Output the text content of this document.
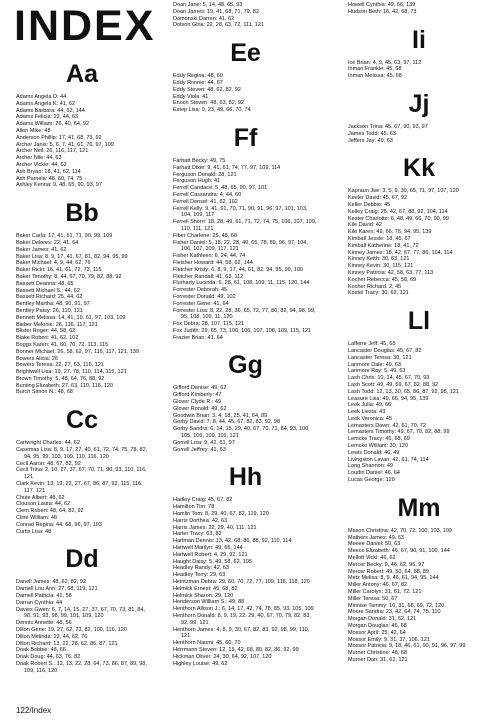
INDEX
Aa
Adams Angela D: 44
Adams Angela K: 41, 62
Adams Barbara: 44, 62, 144
Adams Felicia: 22, 44, 63
Adams William: 26, 40, 64, 92
Allen Mike: 48
Anderson Phillip: 17, 41, 68, 73, 92
Archer Janis: 5, 6, 7, 41, 61, 76, 97, 109
Archer Neil: 26, 116, 117, 121
Archer Nile: 44, 63
Archer Vickie: 44, 62
Ash Bryan: 18, 41, 62, 114
Ash Pamela: 48, 60, 74, 75
Ashley Kenna: 9, 48, 65, 90, 93, 97
Bb
Baker Carla: 17, 41, 61, 71, 90, 99, 109
Baker Delores: 22, 41, 64
Baker James: 41, 62
Baker Lisa: 8, 9, 17, 41, 67, 81, 82, 94, 95, 99
Baker Michael: 4, 9, 44, 62, 76
Baker Ricki: 16, 41, 61, 72, 73, 115
Baker Timothy: 8, 44, 67, 70, 79, 82, 88, 92
Bassett Deanna: 48, 65
Bassett Michael S.: 44, 62
Bassett Richard: 25, 44, 62
Bentley Martha: 48, 90, 91, 97
Bentley Patsy: 26, 110, 121
Bennett Melissa: 14, 41, 19, 61, 97, 103, 109
Bieber Melonie: 26, 116, 117, 121
Blister Roger: 44, 58, 62
Blake Robert: 41, 62, 102
Boggs Karen: 41, 60, 70, 72, 113, 115
Bonner Michael: 26, 58, 62, 97, 116, 117, 121, 139
Bowers Alicia: 26
Bowers Teresa: 22, 27, 63, 116, 121
Brightwell Lisa: 19, 27, 78, 110, 114, 115, 121
Brown Timothy: 5, 48, 64, 76, 88, 92
Bunting Elizabeth: 27, 63, 110, 116, 120
Burch Simon N.: 48, 68
Cc
Cartwright Charles: 44, 62
Casemas Lisa: 8, 9, 17, 27, 40, 61, 72, 74, 75, 78, 82, 94, 95, 99, 103, 109, 110, 116, 120
Cecil Aaron: 48, 67, 82, 92
Cecil Trina: 2, 10, 27, 37, 67, 70, 71, 90, 93, 110, 116, 121
Clark Kevin: 13, 19, 22, 27, 67, 86, 87, 92, 115, 116, 117, 121
Chute Albert: 48, 62
Clouson Laura: 44, 62
Clem Robert: 48, 64, 82, 92
Cline William: 48
Conrad Regina: 44, 68, 96, 97, 103
Curtis Lisa: 48
Dd
Danell James: 48, 62, 82, 92
Darnell Lou Ann: 27, 68, 119, 121
Darnell Patricia: 41, 58
Darran Cynthia: 44
Davies Gwen: 6, 7, 14, 15, 27, 37, 67, 70, 73, 81, 84, 90, 91, 93, 98, 99, 101, 109, 120
Dennis Annette: 48, 56
Dillon Gene: 19, 27, 62, 73, 82, 100, 116, 120
Dillon Melinda: 22, 44, 62, 76
Dillon Richard: 13, 22, 28, 62, 86, 87, 121
Doak Bobbie: 48, 66
Doak Doug: 44, 63, 76, 82
Doak Robert S.: 12, 13, 22, 28, 64, 73, 86, 87, 89, 98, 109, 116, 120
Doan Jane: 5, 14, 48, 65, 93
Doan James: 19, 41, 68, 71, 79, 82
Domonski Darren: 41, 62
Dotson Gina: 22, 28, 63, 72, 111, 121
Ee
Eddy Regina: 48, 60
Eddy Ronnie: 44, 67
Eddy Steven: 48, 62, 82, 92
Eddy Viola: 41
Enoch Steven: 48, 63, 82, 92
Estep Lisa: 9, 23, 49, 66, 70, 74
Ff
Farhatt Becky: 49, 75
Farhatt Dixie: 9, 41, 61, 74, 77, 97, 109, 114
Ferguson Donald: 28, 121
Ferguson Hugh: 41
Ferrell Candace: 5, 48, 65, 90, 97, 101
Ferrell Cassandra: 4, 44, 60
Ferrell Densel: 41, 62, 102
Ferrell Kelly: 9, 41, 61, 70, 71, 90, 91, 96, 97, 101, 103, 104, 109, 117
Ferrell Sherri: 18, 28, 49, 61, 71, 72, 74, 75, 106, 107, 109, 110, 111, 121
Fiber Charlene: 25, 48, 60
Fisher Daniel: 5, 18, 22, 28, 40, 65, 78, 89, 96, 97, 104, 106, 107, 109, 117, 121
Fisher Kathleen: 6, 24, 44, 74
Fleisher Howard: 44, 58, 62, 144
Fletcher Kristy: 6, 8, 9, 17, 44, 61, 82, 94, 95, 99, 100
Fletcher Randall: 41, 63, 112
Flurharty Lucinda: 6, 28, 61, 108, 109, 11, 115, 120, 144
Forrester Deborah: 45
Forrester Donald: 49, 102
Forrester Gene: 41, 64
Forrester Lisa: 8, 22, 28, 36, 65, 72, 77, 80, 82, 94, 98, 99, 95, 108, 109, 11, 120
Fox Debra: 28, 107, 115, 121
Fox Judith: 29, 65, 73, 100, 106, 107, 108, 109, 115, 121
Frazier Brian: 41, 64
Gg
Gifford Denise: 49, 62
Gifford Kimberly: 47
Glover Clyde R.: 49
Glover Ronald: 49, 62
Goodwin Brian: 3, 4, 18, 25, 41, 64, 89
Gorby David: 7, 8, 44, 45, 67, 82, 83, 92, 98
Gorby Sandra: 6, 14, 15, 29, 40, 67, 70, 71, 84, 93, 100, 105, 106, 109, 116, 121
Gorrell Lisa: 9, 42, 61, 97
Gorrell Jeffrey: 41, 63
Hh
Hadley Craig: 45, 67, 82
Hamilton Tim: 78
Hamlin Tom: 8, 29, 40, 67, 82, 119, 120
Harris Dorthea: 42, 63
Harris James: 22, 29, 40, 111, 121
Harter Tracy: 63, 82
Hartman Dennis: 13, 42, 68, 86, 88, 92, 110, 114
Hartwell Marilyn: 49, 66, 144
Hartwell Robert: 4, 29, 92, 121
Haught Daisy: 5, 49, 58, 62, 105
Headley Randy: 42, 63
Headley Terry: 29, 63
Heintzman Debra: 29, 60, 70, 72, 77, 109, 116, 118, 120
Helmick Ernest: 45, 68, 82
Helmick Sharon: 29, 120
Henderson William S.: 49, 88
Henthorn Allison J.: 6, 14, 17, 42, 74, 78, 85, 93, 105, 109
Henthorn Donald: 8, 9, 19, 22, 29, 40, 67, 70, 79, 82, 83, 92, 99, 121
Henthorn James: 4, 8, 9, 30, 67, 82, 83, 92, 98, 99, 110, 121
Henthorn Naomi: 45, 60, 70
Herrmann Steven: 12, 13, 42, 68, 80, 82, 86, 92, 99
Hickman Oliver: 24, 30, 64, 92, 107, 120
Highley Louise: 49, 62
Howell Cynthia: 49, 66, 139
Hudson Beth: 16, 42, 68, 73
Ii
Ice Brian: 4, 9, 45, 63, 97, 112
Inman Frankie: 45, 68
Inman Melissa: 45, 68
Jj
Jackson Trina: 45, 67, 90, 93, 97
James Todd: 45, 63
Jeffers Jay: 49, 63
Kk
Kapraun Joe: 3, 5, 9, 30, 65, 71, 97, 107, 120
Keeler David: 45, 67, 92
Keller Debbie: 45
Kelley Craig: 25, 42, 67, 88, 92, 104, 114
Kester Charlotte: 6, 48, 49, 66, 70, 90, 99
Kile David: 42
Kile Karen: 49, 66, 76, 94, 95, 139
Kimball Jessie: 18, 45, 67
Kimball Katherine: 18, 41, 72
Kinney James: 18, 42, 67, 77, 86, 104, 114
Kinney Keith: 30, 63, 121
Kinney Kevin: 30, 115, 121
Kinney Patricia: 42, 58, 63, 77, 113
Kocher Rebecca: 45, 58, 69
Kocher Richard: 2, 45
Kostel Tracy: 30, 62, 121
Ll
Lafferre Jeff: 45, 65
Lancaster Douglas: 45, 67, 82
Lancaster Teresa: 30, 121
Lanmore Dale: 49, 63
Lanmore Roy: 5, 49, 63
Lash Chris: 10, 14, 45, 67, 70, 93
Lash Scott: 49, 49, 59, 67, 82, 88, 92
Lash Todd: 12, 13, 30, 65, 86, 87, 92, 98, 121
Leasure Lisa: 49, 66, 94, 95, 139
Leek Julia: 49, 66
Leek Liesta: 43
Leek Veronica: 45
Lemasters Dawn: 42, 61, 70, 72
Lemasters Timothy: 49, 67, 70, 82, 88, 99
Lemcke Tracy: 45, 68, 69
Lemcke William: 30, 120
Lewis Donald: 46, 49
Livingston Lavan: 42, 61, 74, 114
Long Shannon: 49
Loudin Daniel: 46, 64
Lucas George: 120
Mm
Mason Christina: 42, 70, 72, 100, 103, 109
Mathers James: 49, 63
Meeee Daniel: 50, 63
Meece Elizabeth: 46, 67, 90, 91, 100, 144
Mellott Vicki: 46, 62
Mercer Becky: 9, 46, 62, 96, 97
Mercer Robert: 49, 50, 64, 88, 89
Metz Melisa: 8, 9, 46, 61, 94, 95, 144
Miller Antony: 46, 67, 82
Miller Carolyn: 31, 61, 72, 121
Miller Teresa: 50, 67
Minnise Tammy: 16, 31, 68, 69, 72, 120
Moore Sandra: 23, 42, 64, 74, 75, 110
Morgan Donald: 31, 62, 121
Morgan Douglas: 46, 68
Mossor April: 25, 42, 64
Mossor Emily: 9, 31, 37, 106, 121
Mossor Patricia: 9, 18, 46, 61, 90, 91, 96, 97, 99
Murner Christine: 46, 68
Murner Dan: 31, 62, 121
122/Index
